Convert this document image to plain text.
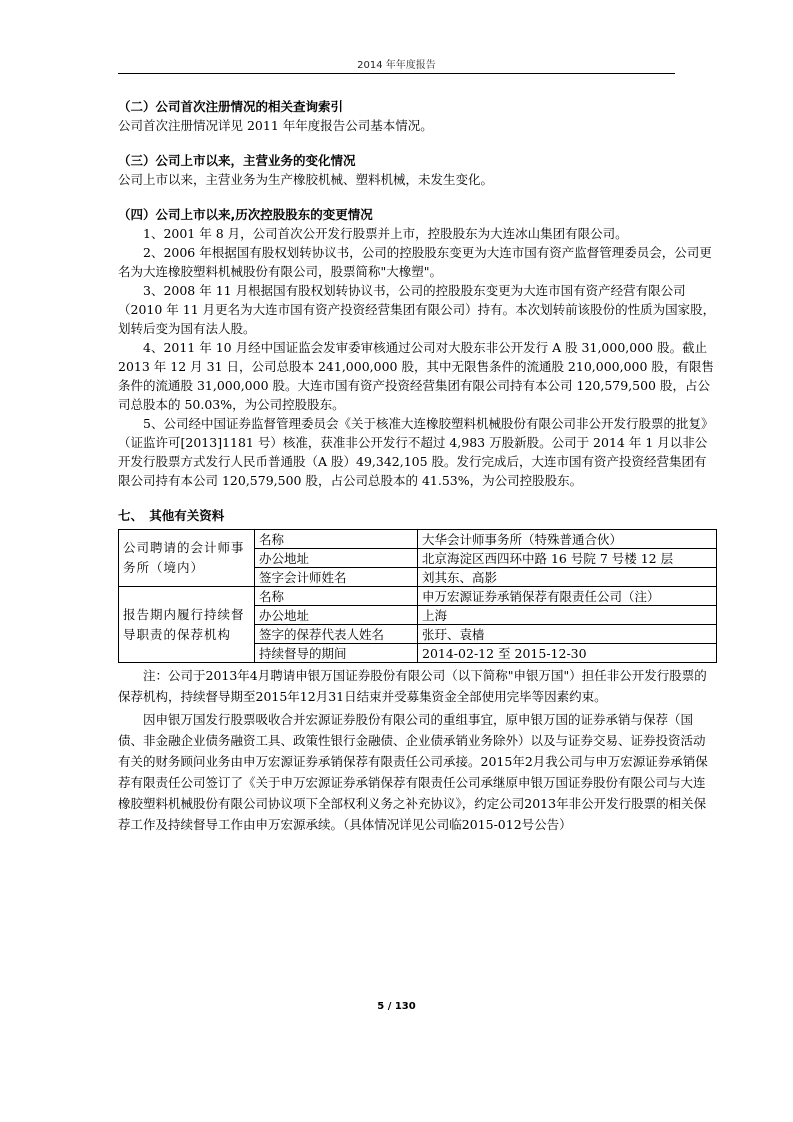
2014 年年度报告

（二）公司首次注册情况的相关查询索引

公司首次注册情况详见 2011 年年度报告公司基本情况。

（三）公司上市以来，主营业务的变化情况

公司上市以来，主营业务为生产橡胶机械、塑料机械，未发生变化。

（四）公司上市以来,历次控股股东的变更情况

1、2001 年 8 月，公司首次公开发行股票并上市，控股股东为大连冰山集团有限公司。

2、2006 年根据国有股权划转协议书，公司的控股股东变更为大连市国有资产监督管理委员会，公司更名为大连橡胶塑料机械股份有限公司，股票简称"大橡塑"。

3、2008 年 11 月根据国有股权划转协议书，公司的控股股东变更为大连市国有资产经营有限公司（2010 年 11 月更名为大连市国有资产投资经营集团有限公司）持有。本次划转前该股份的性质为国家股，划转后变为国有法人股。

4、2011 年 10 月经中国证监会发审委审核通过公司对大股东非公开发行 A 股 31,000,000 股。截止 2013 年 12 月 31 日，公司总股本 241,000,000 股，其中无限售条件的流通股 210,000,000 股，有限售条件的流通股 31,000,000 股。大连市国有资产投资经营集团有限公司持有本公司 120,579,500 股，占公司总股本的 50.03%，为公司控股股东。

5、公司经中国证券监督管理委员会《关于核准大连橡胶塑料机械股份有限公司非公开发行股票的批复》（证监许可[2013]1181 号）核准，获准非公开发行不超过 4,983 万股新股。公司于 2014 年 1 月以非公开发行股票方式发行人民币普通股（A 股）49,342,105 股。发行完成后，大连市国有资产投资经营集团有限公司持有本公司 120,579,500 股，占公司总股本的 41.53%，为公司控股股东。

七、　其他有关资料

公司聘请的会计师事务所（境内）	名称	大华会计师事务所（特殊普通合伙）
	办公地址	北京海淀区西四环中路 16 号院 7 号楼 12 层
	签字会计师姓名	刘其东、高影
报告期内履行持续督导职责的保荐机构	名称	申万宏源证券承销保荐有限责任公司（注）
	办公地址	上海
	签字的保荐代表人姓名	张玗、袁樯
	持续督导的期间	2014-02-12 至 2015-12-30

注：公司于2013年4月聘请申银万国证券股份有限公司（以下简称"申银万国"）担任非公开发行股票的保荐机构，持续督导期至2015年12月31日结束并受募集资金全部使用完毕等因素约束。

因申银万国发行股票吸收合并宏源证券股份有限公司的重组事宜，原申银万国的证券承销与保荐（国债、非金融企业债务融资工具、政策性银行金融债、企业债承销业务除外）以及与证券交易、证券投资活动有关的财务顾问业务由申万宏源证券承销保荐有限责任公司承接。2015年2月我公司与申万宏源证券承销保荐有限责任公司签订了《关于申万宏源证券承销保荐有限责任公司承继原申银万国证券股份有限公司与大连橡胶塑料机械股份有限公司协议项下全部权利义务之补充协议》，约定公司2013年非公开发行股票的相关保荐工作及持续督导工作由申万宏源承续。（具体情况详见公司临2015-012号公告）

5 / 130
